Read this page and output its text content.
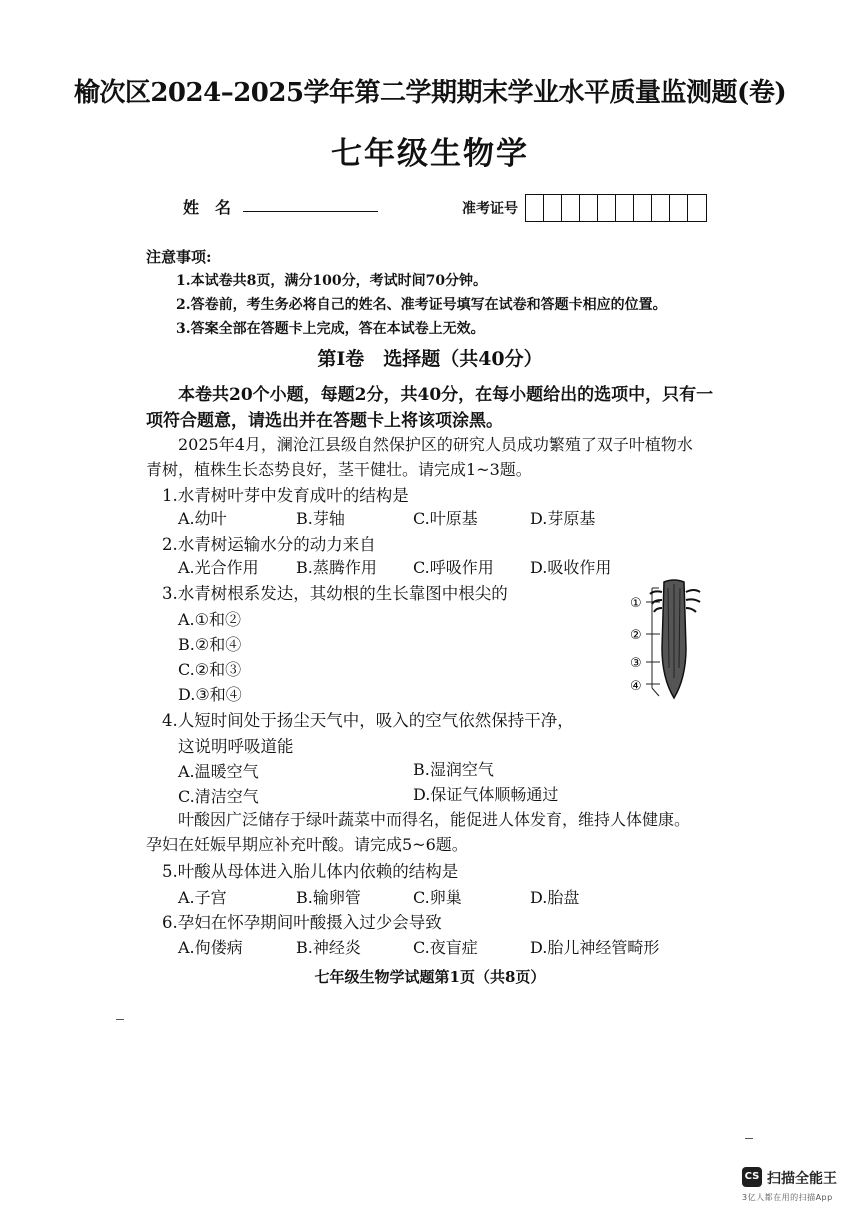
榆次区2024–2025学年第二学期期末学业水平质量监测题(卷)
七年级生物学
姓　名	准考证号
注意事项:
1.本试卷共8页，满分100分，考试时间70分钟。
2.答卷前，考生务必将自己的姓名、准考证号填写在试卷和答题卡相应的位置。
3.答案全部在答题卡上完成，答在本试卷上无效。
第Ⅰ卷　选择题（共40分）
本卷共20个小题，每题2分，共40分，在每小题给出的选项中，只有一
项符合题意，请选出并在答题卡上将该项涂黑。
2025年4月，澜沧江县级自然保护区的研究人员成功繁殖了双子叶植物水
青树，植株生长态势良好，茎干健壮。请完成1~3题。
1.水青树叶芽中发育成叶的结构是
A.幼叶	B.芽轴	C.叶原基	D.芽原基
2.水青树运输水分的动力来自
A.光合作用 B.蒸腾作用 C.呼吸作用 D.吸收作用
3.水青树根系发达，其幼根的生长靠图中根尖的
A.①和②
B.②和④
C.②和③
D.③和④
①
②
③
④
4.人短时间处于扬尘天气中，吸入的空气依然保持干净，
这说明呼吸道能
A.温暖空气	B.湿润空气
C.清洁空气	D.保证气体顺畅通过
叶酸因广泛储存于绿叶蔬菜中而得名，能促进人体发育，维持人体健康。
孕妇在妊娠早期应补充叶酸。请完成5~6题。
5.叶酸从母体进入胎儿体内依赖的结构是
A.子宫	B.输卵管	C.卵巢	D.胎盘
6.孕妇在怀孕期间叶酸摄入过少会导致
A.佝偻病	B.神经炎	C.夜盲症	D.胎儿神经管畸形
七年级生物学试题第1页（共8页）
CS 扫描全能王
3亿人都在用的扫描App
